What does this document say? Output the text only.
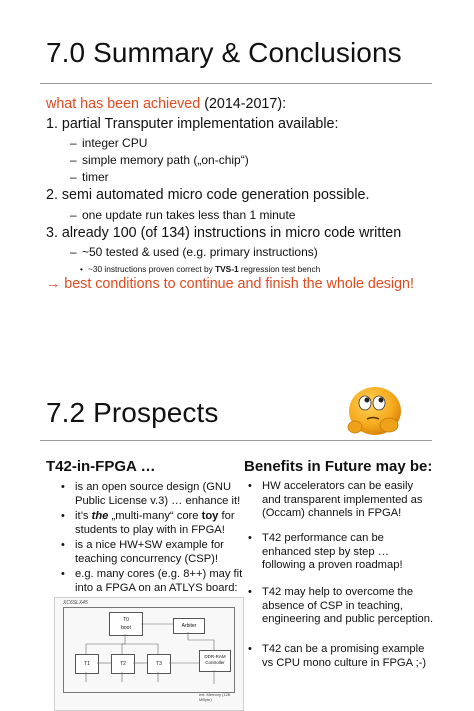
7.0 Summary & Conclusions
what has been achieved (2014-2017):
1. partial Transputer implementation available:
– integer CPU
– simple memory path („on-chip“)
– timer
2. semi automated micro code generation possible.
– one update run takes less than 1 minute
3. already 100 (of 134) instructions in micro code written
– ~50 tested & used (e.g. primary instructions)
• ~30 instructions proven correct by TVS-1 regression test bench
→ best conditions to continue and finish the whole design!
7.2 Prospects
T42-in-FPGA …
• is an open source design (GNU
Public License v.3) … enhance it!
• it’s the „multi-many“ core toy for
students to play with in FPGA!
• is a nice HW+SW example for
teaching concurrency (CSP)!
• e.g. many cores (e.g. 8++) may fit
into a FPGA on an ATLYS board:
XC6SLX45
T0
boot	Arbiter
DDR-RAM Controller
T1	T2	T3
ext. Memory (128 MByte)
Benefits in Future may be:
• HW accelerators can be easily
and transparent implemented as
(Occam) channels in FPGA!
• T42 performance can be
enhanced step by step …
following a proven roadmap!
• T42 may help to overcome the
absence of CSP in teaching,
engineering and public perception.
• T42 can be a promising example
vs CPU mono culture in FPGA ;-)
